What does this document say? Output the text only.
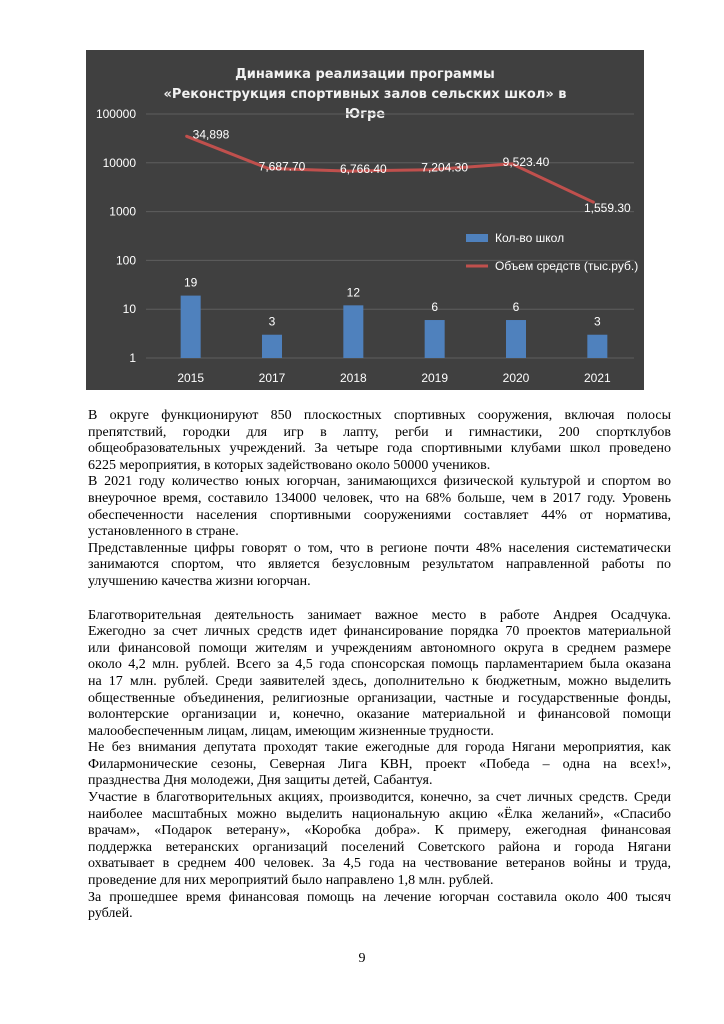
Динамика реализации программы
«Реконструкция спортивных залов сельских школ» в
Югре
1
10
100
1000
10000
100000
2015	2017	2018	2019	2020	2021
19
3
12
6	6
3
34,898
7,687.70	6,766.40	7,204.30	9,523.40
1,559.30
Кол-во школ
Объем средств (тыс.руб.)

В округе функционируют 850 плоскостных спортивных сооружения, включая полосы
препятствий, городки для игр в лапту, регби и гимнастики, 200 спортклубов
общеобразовательных учреждений. За четыре года спортивными клубами школ проведено
6225 мероприятия, в которых задействовано около 50000 учеников.

В 2021 году количество юных югорчан, занимающихся физической культурой и спортом во
внеурочное время, составило 134000 человек, что на 68% больше, чем в 2017 году. Уровень
обеспеченности населения спортивными сооружениями составляет 44% от норматива,
установленного в стране.

Представленные цифры говорят о том, что в регионе почти 48% населения систематически
занимаются спортом, что является безусловным результатом направленной работы по
улучшению качества жизни югорчан.

Благотворительная деятельность занимает важное место в работе Андрея Осадчука.
Ежегодно за счет личных средств идет финансирование порядка 70 проектов материальной
или финансовой помощи жителям и учреждениям автономного округа в среднем размере
около 4,2 млн. рублей. Всего за 4,5 года спонсорская помощь парламентарием была оказана
на 17 млн. рублей. Среди заявителей здесь, дополнительно к бюджетным, можно выделить
общественные объединения, религиозные организации, частные и государственные фонды,
волонтерские организации и, конечно, оказание материальной и финансовой помощи
малообеспеченным лицам, лицам, имеющим жизненные трудности.

Не без внимания депутата проходят такие ежегодные для города Нягани мероприятия, как
Филармонические сезоны, Северная Лига КВН, проект «Победа – одна на всех!»,
празднества Дня молодежи, Дня защиты детей, Сабантуя.

Участие в благотворительных акциях, производится, конечно, за счет личных средств. Среди
наиболее масштабных можно выделить национальную акцию «Ёлка желаний», «Спасибо
врачам», «Подарок ветерану», «Коробка добра». К примеру, ежегодная финансовая
поддержка ветеранских организаций поселений Советского района и города Нягани
охватывает в среднем 400 человек. За 4,5 года на чествование ветеранов войны и труда,
проведение для них мероприятий было направлено 1,8 млн. рублей.

За прошедшее время финансовая помощь на лечение югорчан составила около 400 тысяч
рублей.

9
